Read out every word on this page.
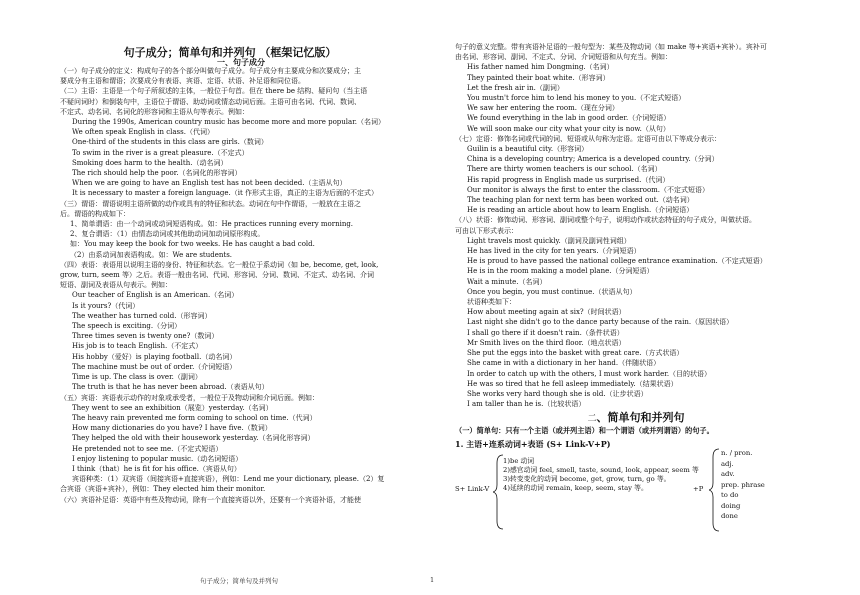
句子成分；简单句和并列句 （框架记忆版）
一、句子成分
（一）句子成分的定义：构成句子的各个部分叫做句子成分。句子成分有主要成分和次要成分；主
要成分有主语和谓语；次要成分有表语、宾语、定语、状语、补足语和同位语。
（二）主语：主语是一个句子所叙述的主体，一般位于句首。但在 there be 结构、疑问句（当主语
不疑问词时）和倒装句中，主语位于谓语、助动词或情态动词后面。主语可由名词、代词、数词、
不定式、动名词、名词化的形容词和主语从句等表示。例如：
During the 1990s, American country music has become more and more popular.（名词）
We often speak English in class.（代词）
One-third of the students in this class are girls.（数词）
To swim in the river is a great pleasure.（不定式）
Smoking does harm to the health.（动名词）
The rich should help the poor.（名词化的形容词）
When we are going to have an English test has not been decided.（主语从句）
It is necessary to master a foreign language.（it 作形式主语，真正的主语为后面的不定式）
（三）谓语：谓语说明主语所做的动作或具有的特征和状态。动词在句中作谓语，一般放在主语之
后。谓语的构成如下：
1、简单谓语：由一个动词或动词短语构成。如：He practices running every morning.
2、复合谓语：（1）由情态动词或其他助动词加动词原形构成。
如：You may keep the book for two weeks. He has caught a bad cold.
（2）由系动词加表语构成。如：We are students.
（四）表语：表语用以说明主语的身份、特征和状态。它一般位于系动词（如 be, become, get, look,
grow, turn, seem 等）之后。表语一般由名词、代词、形容词、分词、数词、不定式、动名词、介词
短语、副词及表语从句表示。例如：
Our teacher of English is an American.（名词）
Is it yours?（代词）
The weather has turned cold.（形容词）
The speech is exciting.（分词）
Three times seven is twenty one?（数词）
His job is to teach English.（不定式）
His hobby（爱好）is playing football.（动名词）
The machine must be out of order.（介词短语）
Time is up. The class is over.（副词）
The truth is that he has never been abroad.（表语从句）
（五）宾语：宾语表示动作的对象或承受者，一般位于及物动词和介词后面。例如：
They went to see an exhibition（展览）yesterday.（名词）
The heavy rain prevented me form coming to school on time.（代词）
How many dictionaries do you have? I have five.（数词）
They helped the old with their housework yesterday.（名词化形容词）
He pretended not to see me.（不定式短语）
I enjoy listening to popular music.（动名词短语）
I think（that）he is fit for his office.（宾语从句）
宾语种类：（1）双宾语（间接宾语+直接宾语），例如：Lend me your dictionary, please.（2）复
合宾语（宾语+宾补），例如：They elected him their monitor.
（六）宾语补足语：英语中有些及物动词，除有一个直接宾语以外，还要有一个宾语补语，才能使
句子的意义完整。带有宾语补足语的一般句型为：某些及物动词（如 make 等+宾语+宾补）。宾补可
由名词、形容词、副词、不定式、分词、介词短语和从句充当。例如：
His father named him Dongming.（名词）
They painted their boat white.（形容词）
Let the fresh air in.（副词）
You mustn't force him to lend his money to you.（不定式短语）
We saw her entering the room.（现在分词）
We found everything in the lab in good order.（介词短语）
We will soon make our city what your city is now.（从句）
（七）定语：修饰名词或代词的词、短语或从句称为定语。定语可由以下等成分表示：
Guilin is a beautiful city.（形容词）
China is a developing country; America is a developed country.（分词）
There are thirty women teachers is our school.（名词）
His rapid progress in English made us surprised.（代词）
Our monitor is always the first to enter the classroom.（不定式短语）
The teaching plan for next term has been worked out.（动名词）
He is reading an article about how to learn English.（介词短语）
（八）状语：修饰动词、形容词、副词或整个句子，说明动作或状态特征的句子成分，叫做状语。
可由以下形式表示：
Light travels most quickly.（副词及副词性词组）
He has lived in the city for ten years.（介词短语）
He is proud to have passed the national college entrance examination.（不定式短语）
He is in the room making a model plane.（分词短语）
Wait a minute.（名词）
Once you begin, you must continue.（状语从句）
状语种类如下：
How about meeting again at six?（时间状语）
Last night she didn't go to the dance party because of the rain.（原因状语）
I shall go there if it doesn't rain.（条件状语）
Mr Smith lives on the third floor.（地点状语）
She put the eggs into the basket with great care.（方式状语）
She came in with a dictionary in her hand.（伴随状语）
In order to catch up with the others, I must work harder.（目的状语）
He was so tired that he fell asleep immediately.（结果状语）
She works very hard though she is old.（让步状语）
I am taller than he is.（比较状语）
二、简单句和并列句
（一）简单句：只有一个主语（或并列主语）和一个谓语（或并列谓语）的句子。
1. 主语+连系动词+表语 (S+ Link-V+P)
S+ Link-V
1)be 动词
2)感官动词 feel, smell, taste, sound, look, appear, seem 等
3)转变变化的动词 become, get, grow, turn, go 等。
4)延续的动词 remain, keep, seem, stay 等。	+P
n. / pron.
adj.
adv.
prep. phrase
to do
doing
done
句子成分；简单句及并列句	1
